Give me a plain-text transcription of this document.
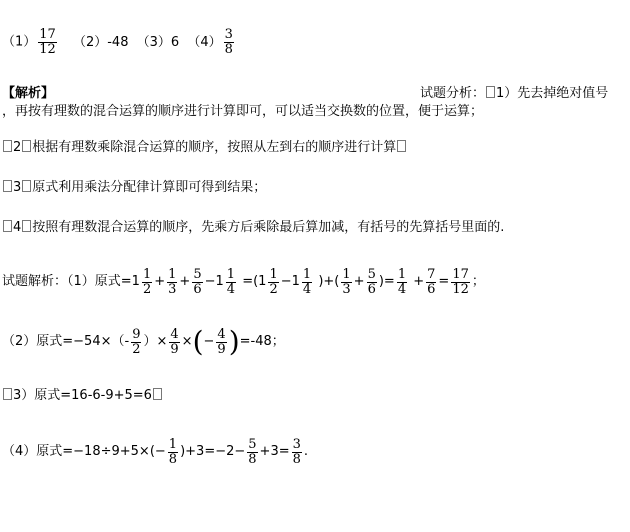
$(1) \frac{17}{12} (2)-48$ （3）6 $(4) \frac{3}{8}$
【解析】	试题分析： 1）先去掉绝对值号
，再按有理数的混合运算的顺序进行计算即可，可以适当交换数的位置，便于运算；
2 根据有理数乘除混合运算的顺序，按照从左到右的顺序进行计算
3 原式利用乘法分配律计算即可得到结果；
4 按照有理数混合运算的顺序，先乘方后乘除最后算加减，有括号的先算括号里面的.
试题解析：（1）原式$=1 \frac{1}{2} + \frac{1}{3} + \frac{5}{6} -1 \frac{1}{4} =(1 \frac{1}{2} -1 \frac{1}{4}$ )+( $\frac{1}{3} + \frac{5}{6}$ )= $\frac{1}{4} + \frac{7}{6} = \frac{17}{12}$ ；
（2）原式$=-54\times(- \frac{9}{2}$ ）× $\frac{4}{9}$ ×(− $\frac{4}{9} )=-48$；
3）原式=16-6-9+5=6
（4）原式$=-18\div 9+5\times(- \frac{1}{8} )+3=-2- \frac{5}{8} +3= \frac{3}{8}$ .
